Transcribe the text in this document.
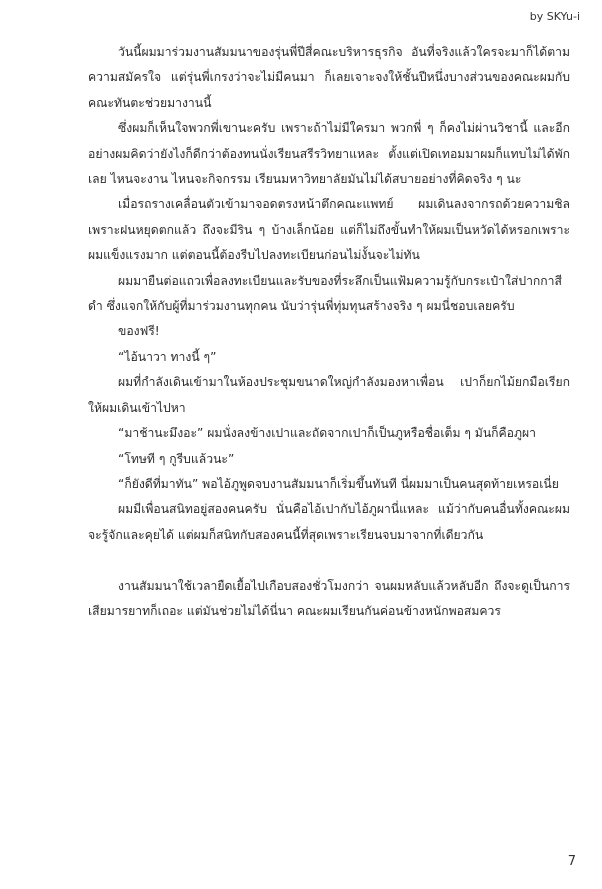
by SKYu-i

วันนี้ผมมาร่วมงานสัมมนาของรุ่นพี่ปีสี่คณะบริหารธุรกิจ อันที่จริงแล้วใครจะมาก็ได้ตามความสมัครใจ แต่รุ่นพี่เกรงว่าจะไม่มีคนมา ก็เลยเจาะจงให้ชั้นปีหนึ่งบางส่วนของคณะผมกับคณะทันตะช่วยมางานนี้

ซึ่งผมก็เห็นใจพวกพี่เขานะครับ เพราะถ้าไม่มีใครมา พวกพี่ ๆ ก็คงไม่ผ่านวิชานี้ และอีกอย่างผมคิดว่ายังไงก็ดีกว่าต้องทนนั่งเรียนสรีรวิทยาแหละ ตั้งแต่เปิดเทอมมาผมก็แทบไม่ได้พักเลย ไหนจะงาน ไหนจะกิจกรรม เรียนมหาวิทยาลัยมันไม่ได้สบายอย่างที่คิดจริง ๆ นะ

เมื่อรถรางเคลื่อนตัวเข้ามาจอดตรงหน้าตึกคณะแพทย์ ผมเดินลงจากรถด้วยความชิลเพราะฝนหยุดตกแล้ว ถึงจะมีริน ๆ บ้างเล็กน้อย แต่ก็ไม่ถึงขั้นทำให้ผมเป็นหวัดได้หรอกเพราะผมแข็งแรงมาก แต่ตอนนี้ต้องรีบไปลงทะเบียนก่อนไม่งั้นจะไม่ทัน

ผมมายืนต่อแถวเพื่อลงทะเบียนและรับของที่ระลึกเป็นแฟ้มความรู้กับกระเป๋าใส่ปากกาสีดำ ซึ่งแจกให้กับผู้ที่มาร่วมงานทุกคน นับว่ารุ่นพี่ทุ่มทุนสร้างจริง ๆ ผมนี่ชอบเลยครับ

ของฟรี!

“ไอ้นาวา ทางนี้ ๆ”

ผมที่กำลังเดินเข้ามาในห้องประชุมขนาดใหญ่กำลังมองหาเพื่อน เปาก็ยกไม้ยกมือเรียกให้ผมเดินเข้าไปหา

“มาช้านะมึงอะ” ผมนั่งลงข้างเปาและถัดจากเปาก็เป็นภูหรือชื่อเต็ม ๆ มันก็คือภูผา

“โทษที ๆ กูรีบแล้วนะ”

“ก็ยังดีที่มาทัน” พอไอ้ภูพูดจบงานสัมมนาก็เริ่มขึ้นทันที นี่ผมมาเป็นคนสุดท้ายเหรอเนี่ย

ผมมีเพื่อนสนิทอยู่สองคนครับ นั่นคือไอ้เปากับไอ้ภูผานี่แหละ แม้ว่ากับคนอื่นทั้งคณะผมจะรู้จักและคุยได้ แต่ผมก็สนิทกับสองคนนี้ที่สุดเพราะเรียนจบมาจากที่เดียวกัน

งานสัมมนาใช้เวลายืดเยื้อไปเกือบสองชั่วโมงกว่า จนผมหลับแล้วหลับอีก ถึงจะดูเป็นการเสียมารยาทก็เถอะ แต่มันช่วยไม่ได้นี่นา คณะผมเรียนกันค่อนข้างหนักพอสมควร

7
